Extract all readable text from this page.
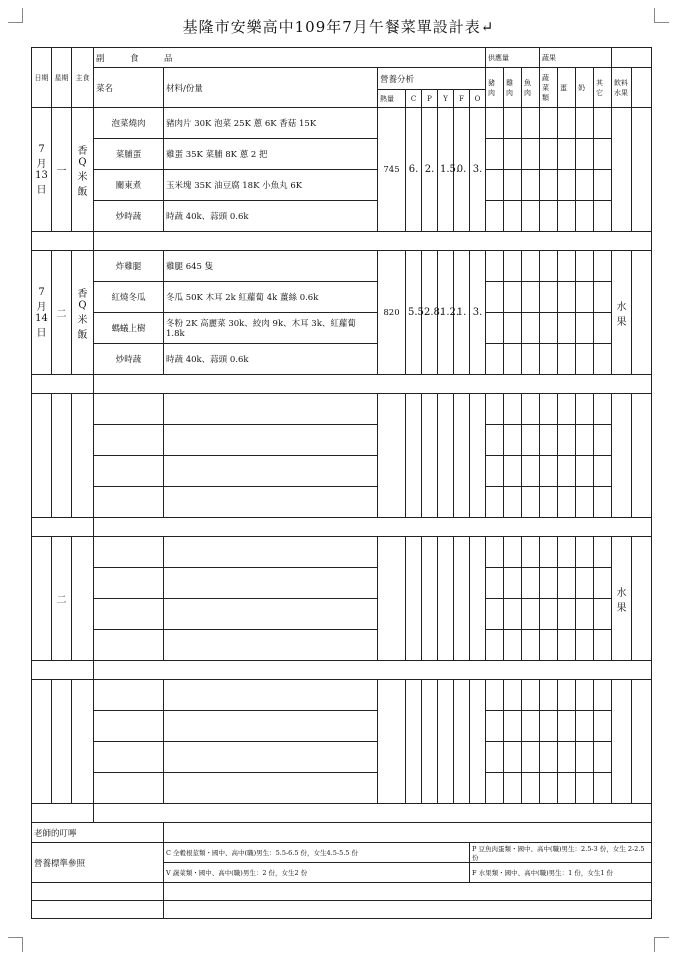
基隆市安樂高中109年7月午餐菜單設計表↵
日期	星期	主食	副　　　食　　　品								供應量			蔬果					
			菜名	材料/份量	營養分析						豬肉	雞肉	魚肉	蔬菜類	蛋	奶	其它	飲料水果	
					熱量	C	P	Y	F	O									
7月13日	一	香Q米飯	泡菜燒肉	豬肉片 30K 泡菜 25K 蔥 6K 香菇 15K	745	6.	2.	1.5.	0.	3.									
			菜脯蛋	雞蛋 35K 菜脯 8K 蔥 2 把															
			關東煮	玉米塊 35K 油豆腐 18K 小魚丸 6K															
			炒時蔬	時蔬 40k、蒜頭 0.6k															

7月14日	二	香Q米飯	炸雞腿	雞腿 645 隻	820	5.5.	2.8.	1.2.	1.	3.								水果	
			紅燒冬瓜	冬瓜 50K 木耳 2k 紅蘿蔔 4k 薑絲 0.6k															
			螞蟻上樹	冬粉 2K 高麗菜 30k、絞肉 9k、木耳 3k、紅蘿蔔 1.8k															
			炒時蔬	時蔬 40k、蒜頭 0.6k															

	二																	水果	

老師的叮嚀																			
營養標準參照				C 全穀根莖類・國中、高中(職)男生：5.5-6.5 份，女生4.5-5.5 份						P 豆魚肉蛋類・國中、高中(職)男生：2.5-3 份，女生 2-2.5 份									
				V 蔬菜類・國中、高中(職)男生：2 份，女生2 份						F 水果類・國中、高中(職)男生：1 份，女生1 份									
